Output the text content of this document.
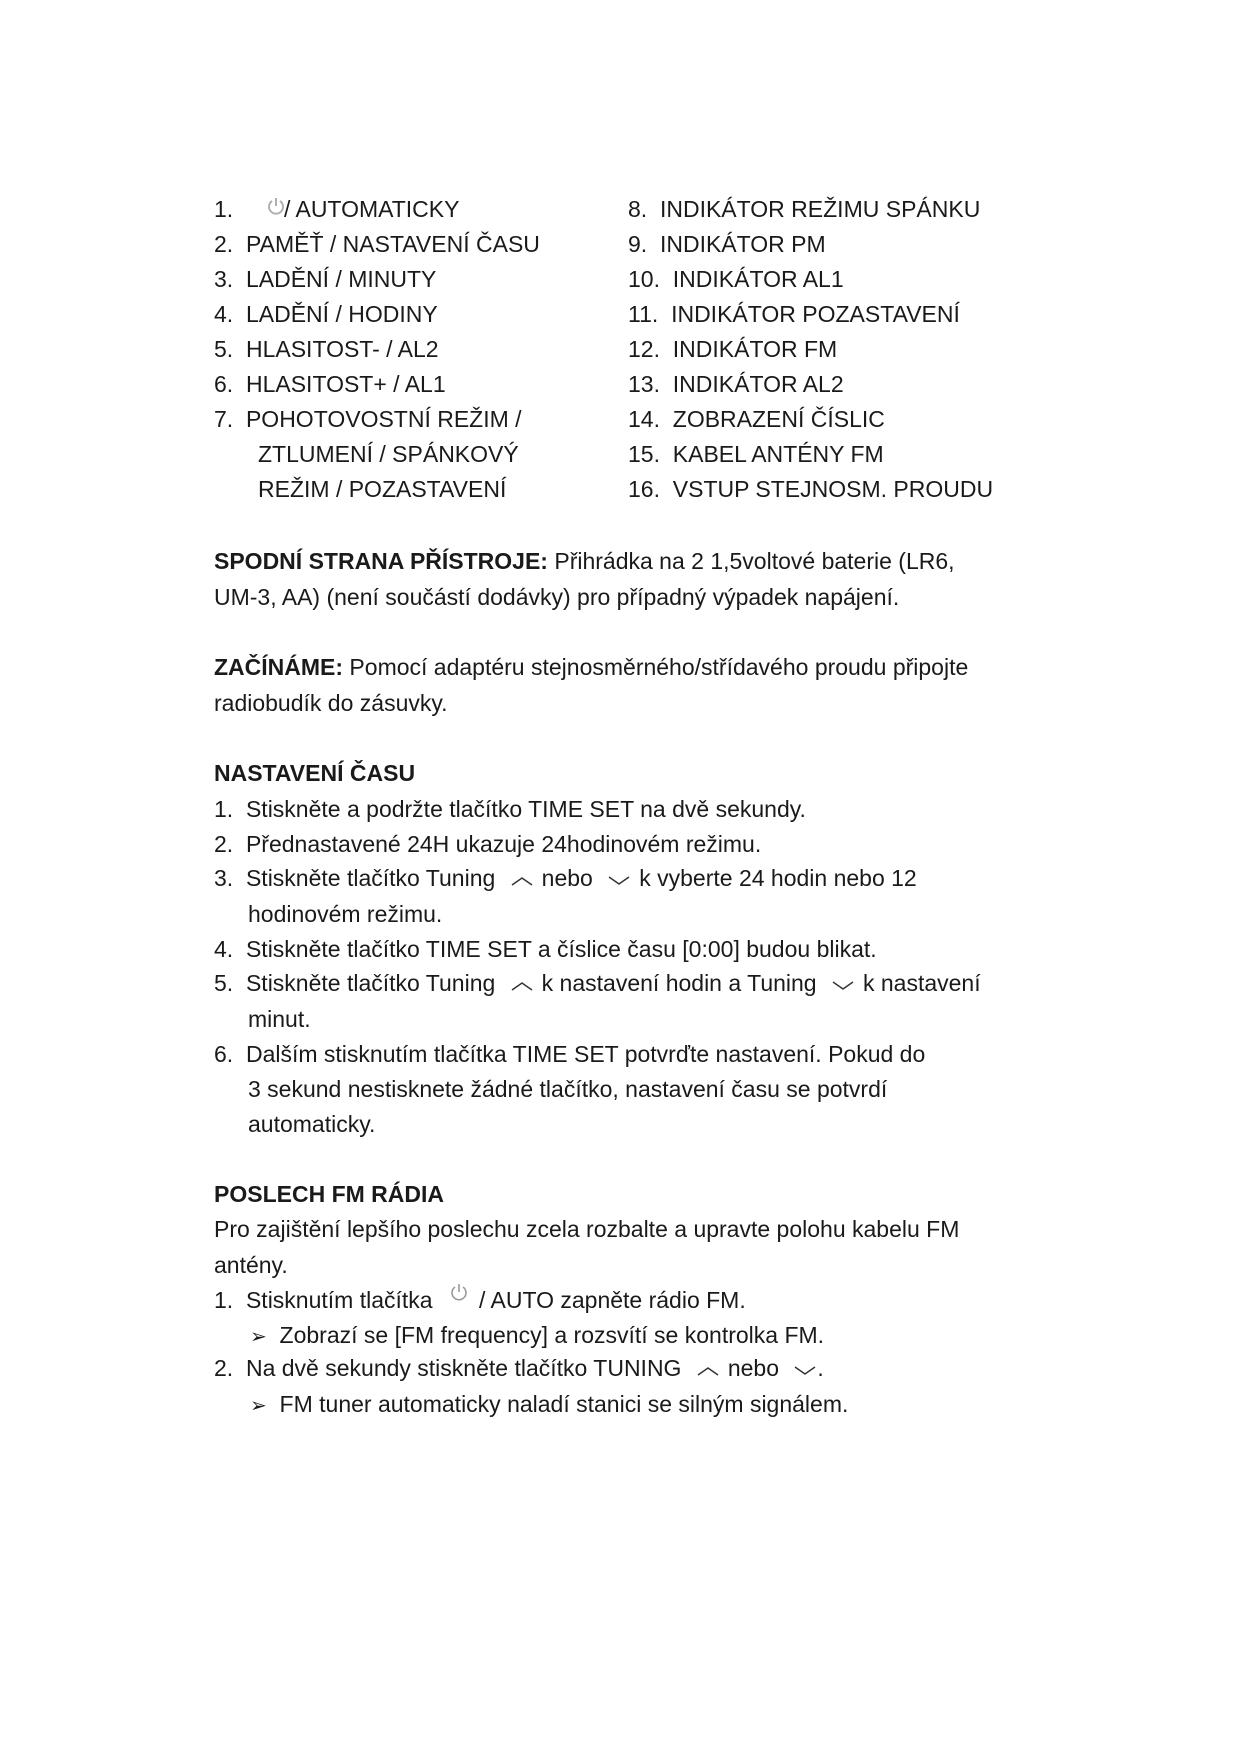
1. / AUTOMATICKY
2. PAMĚŤ / NASTAVENÍ ČASU
3. LADĚNÍ / MINUTY
4. LADĚNÍ / HODINY
5. HLASITOST- / AL2
6. HLASITOST+ / AL1
7. POHOTOVOSTNÍ REŽIM /
ZTLUMENÍ / SPÁNKOVÝ
REŽIM / POZASTAVENÍ
8. INDIKÁTOR REŽIMU SPÁNKU
9. INDIKÁTOR PM
10. INDIKÁTOR AL1
11. INDIKÁTOR POZASTAVENÍ
12. INDIKÁTOR FM
13. INDIKÁTOR AL2
14. ZOBRAZENÍ ČÍSLIC
15. KABEL ANTÉNY FM
16. VSTUP STEJNOSM. PROUDU
SPODNÍ STRANA PŘÍSTROJE: Přihrádka na 2 1,5voltové baterie (LR6,
UM-3, AA) (není součástí dodávky) pro případný výpadek napájení.
ZAČÍNÁME: Pomocí adaptéru stejnosměrného/střídavého proudu připojte
radiobudík do zásuvky.
NASTAVENÍ ČASU
1. Stiskněte a podržte tlačítko TIME SET na dvě sekundy.
2. Přednastavené 24H ukazuje 24hodinovém režimu.
3. Stiskněte tlačítko Tuning nebo k vyberte 24 hodin nebo 12
hodinovém režimu.
4. Stiskněte tlačítko TIME SET a číslice času [0:00] budou blikat.
5. Stiskněte tlačítko Tuning k nastavení hodin a Tuning k nastavení
minut.
6. Dalším stisknutím tlačítka TIME SET potvrďte nastavení. Pokud do
3 sekund nestisknete žádné tlačítko, nastavení času se potvrdí
automaticky.
POSLECH FM RÁDIA
Pro zajištění lepšího poslechu zcela rozbalte a upravte polohu kabelu FM
antény.
1. Stisknutím tlačítka / AUTO zapněte rádio FM.
➢ Zobrazí se [FM frequency] a rozsvítí se kontrolka FM.
2. Na dvě sekundy stiskněte tlačítko TUNING nebo .
➢ FM tuner automaticky naladí stanici se silným signálem.
